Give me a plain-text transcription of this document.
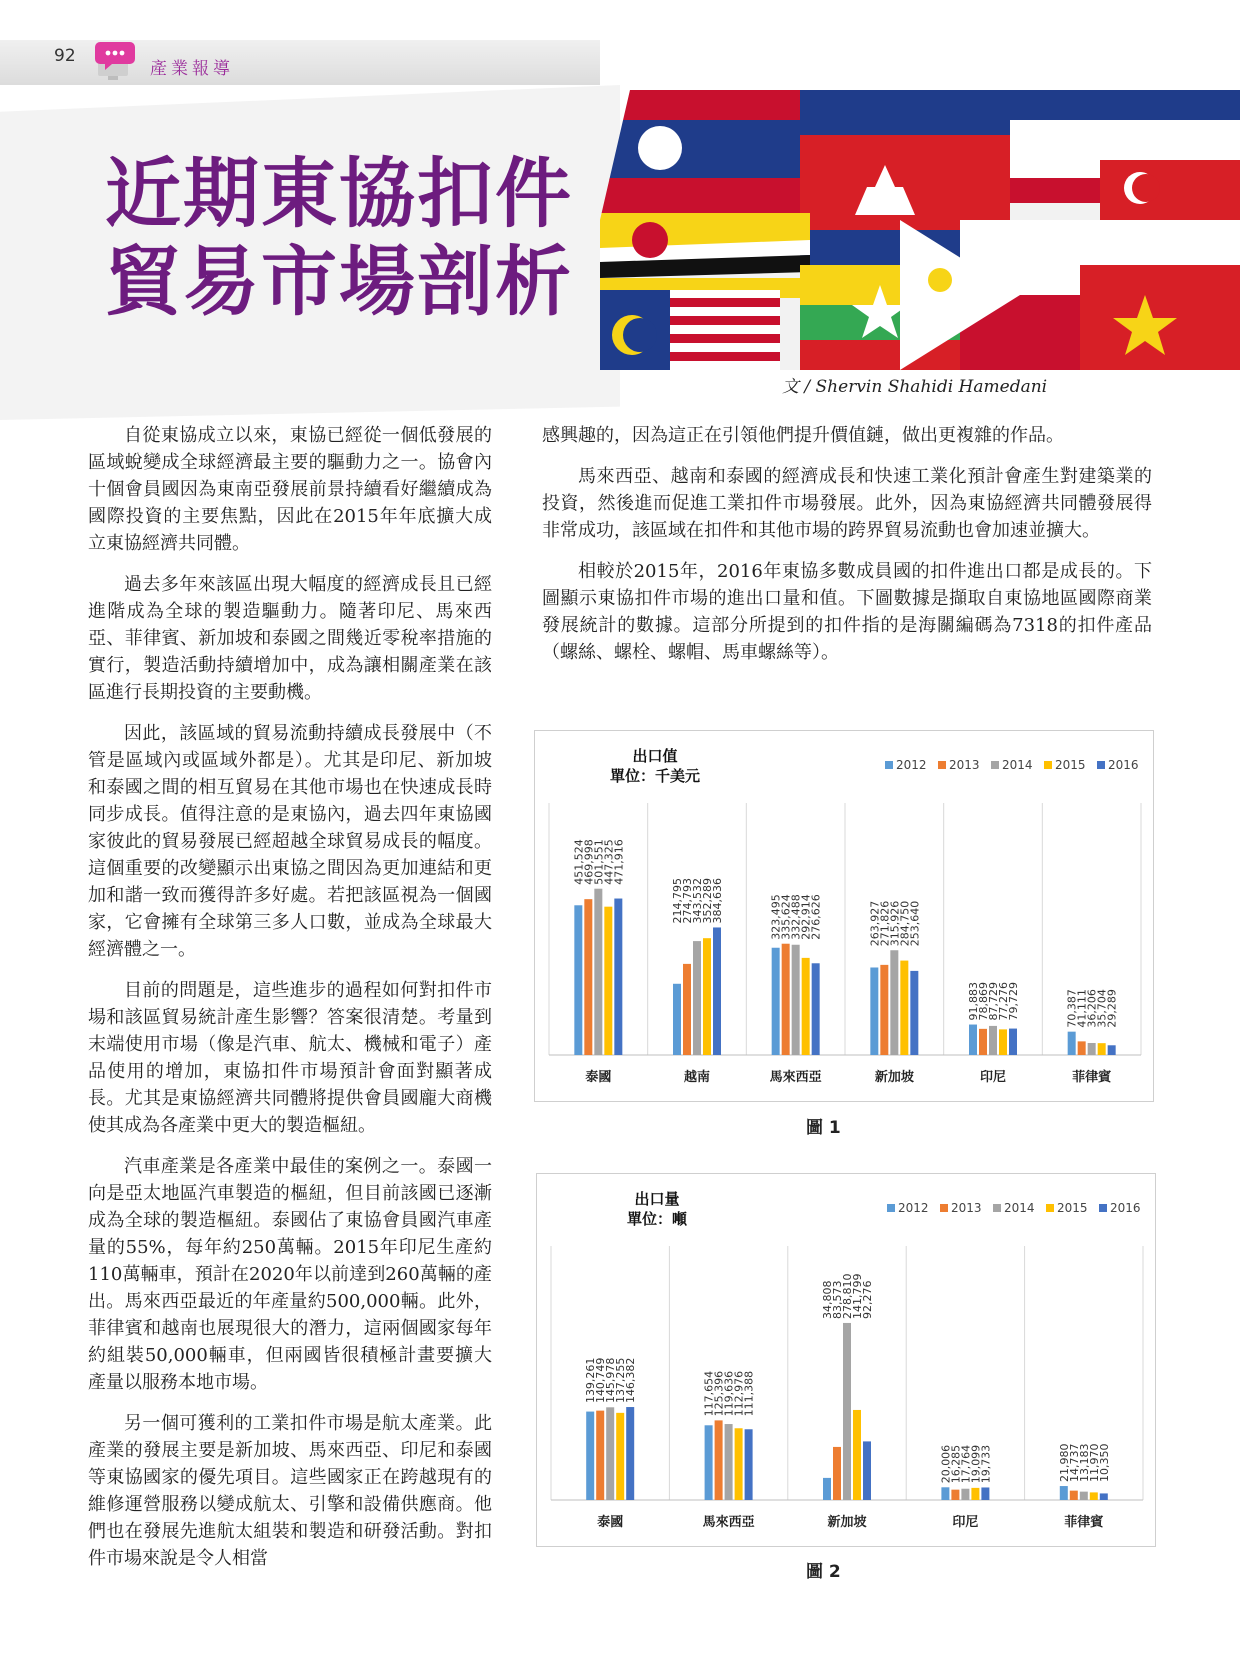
92
產業報導
近期東協扣件
貿易市場剖析
文 / Shervin Shahidi Hamedani

自從東協成立以來，東協已經從一個低發展的區域蛻變成全球經濟最主要的驅動力之一。協會內十個會員國因為東南亞發展前景持續看好繼續成為國際投資的主要焦點，因此在2015年年底擴大成立東協經濟共同體。

過去多年來該區出現大幅度的經濟成長且已經進階成為全球的製造驅動力。隨著印尼、馬來西亞、菲律賓、新加坡和泰國之間幾近零稅率措施的實行，製造活動持續增加中，成為讓相關產業在該區進行長期投資的主要動機。

因此，該區域的貿易流動持續成長發展中（不管是區域內或區域外都是）。尤其是印尼、新加坡和泰國之間的相互貿易在其他市場也在快速成長時同步成長。值得注意的是東協內，過去四年東協國家彼此的貿易發展已經超越全球貿易成長的幅度。這個重要的改變顯示出東協之間因為更加連結和更加和諧一致而獲得許多好處。若把該區視為一個國家，它會擁有全球第三多人口數，並成為全球最大經濟體之一。

目前的問題是，這些進步的過程如何對扣件市場和該區貿易統計產生影響？答案很清楚。考量到末端使用市場（像是汽車、航太、機械和電子）產品使用的增加，東協扣件市場預計會面對顯著成長。尤其是東協經濟共同體將提供會員國龐大商機使其成為各產業中更大的製造樞紐。

汽車產業是各產業中最佳的案例之一。泰國一向是亞太地區汽車製造的樞紐，但目前該國已逐漸成為全球的製造樞紐。泰國佔了東協會員國汽車產量的55%，每年約250萬輛。2015年印尼生產約110萬輛車，預計在2020年以前達到260萬輛的產出。馬來西亞最近的年產量約500,000輛。此外，菲律賓和越南也展現很大的潛力，這兩個國家每年約組裝50,000輛車，但兩國皆很積極計畫要擴大產量以服務本地市場。

另一個可獲利的工業扣件市場是航太產業。此產業的發展主要是新加坡、馬來西亞、印尼和泰國等東協國家的優先項目。這些國家正在跨越現有的維修運營服務以變成航太、引擎和設備供應商。他們也在發展先進航太組裝和製造和研發活動。對扣件市場來說是令人相當

感興趣的，因為這正在引領他們提升價值鏈，做出更複雜的作品。

馬來西亞、越南和泰國的經濟成長和快速工業化預計會產生對建築業的投資，然後進而促進工業扣件市場發展。此外，因為東協經濟共同體發展得非常成功，該區域在扣件和其他市場的跨界貿易流動也會加速並擴大。

相較於2015年，2016年東協多數成員國的扣件進出口都是成長的。下圖顯示東協扣件市場的進出口量和值。下圖數據是擷取自東協地區國際商業發展統計的數據。這部分所提到的扣件指的是海關編碼為7318的扣件產品（螺絲、螺栓、螺帽、馬車螺絲等）。

出口值
單位：千美元
2012 2013 2014 2015 2016
451,524
469,998
501,551
447,325
471,916
泰國
214,795
274,793
343,532
352,289
384,636
越南
323,495
335,624
332,488
292,914
276,626
馬來西亞
263,927
271,826
315,926
284,750
253,640
新加坡
91,883
78,869
87,729
77,276
79,729
印尼
70,387
41,111
36,206
35,704
29,289
菲律賓
圖 1
出口量
單位：噸
2012 2013 2014 2015 2016
139,261
140,749
145,978
137,255
146,382
泰國
117,654
125,396
119,636
112,976
111,388
馬來西亞
34,808
83,573
278,810
141,799
92,276
新加坡
20,006
16,285
17,764
19,099
19,733
印尼
21,980
14,737
13,183
11,970
10,350
菲律賓
圖 2
